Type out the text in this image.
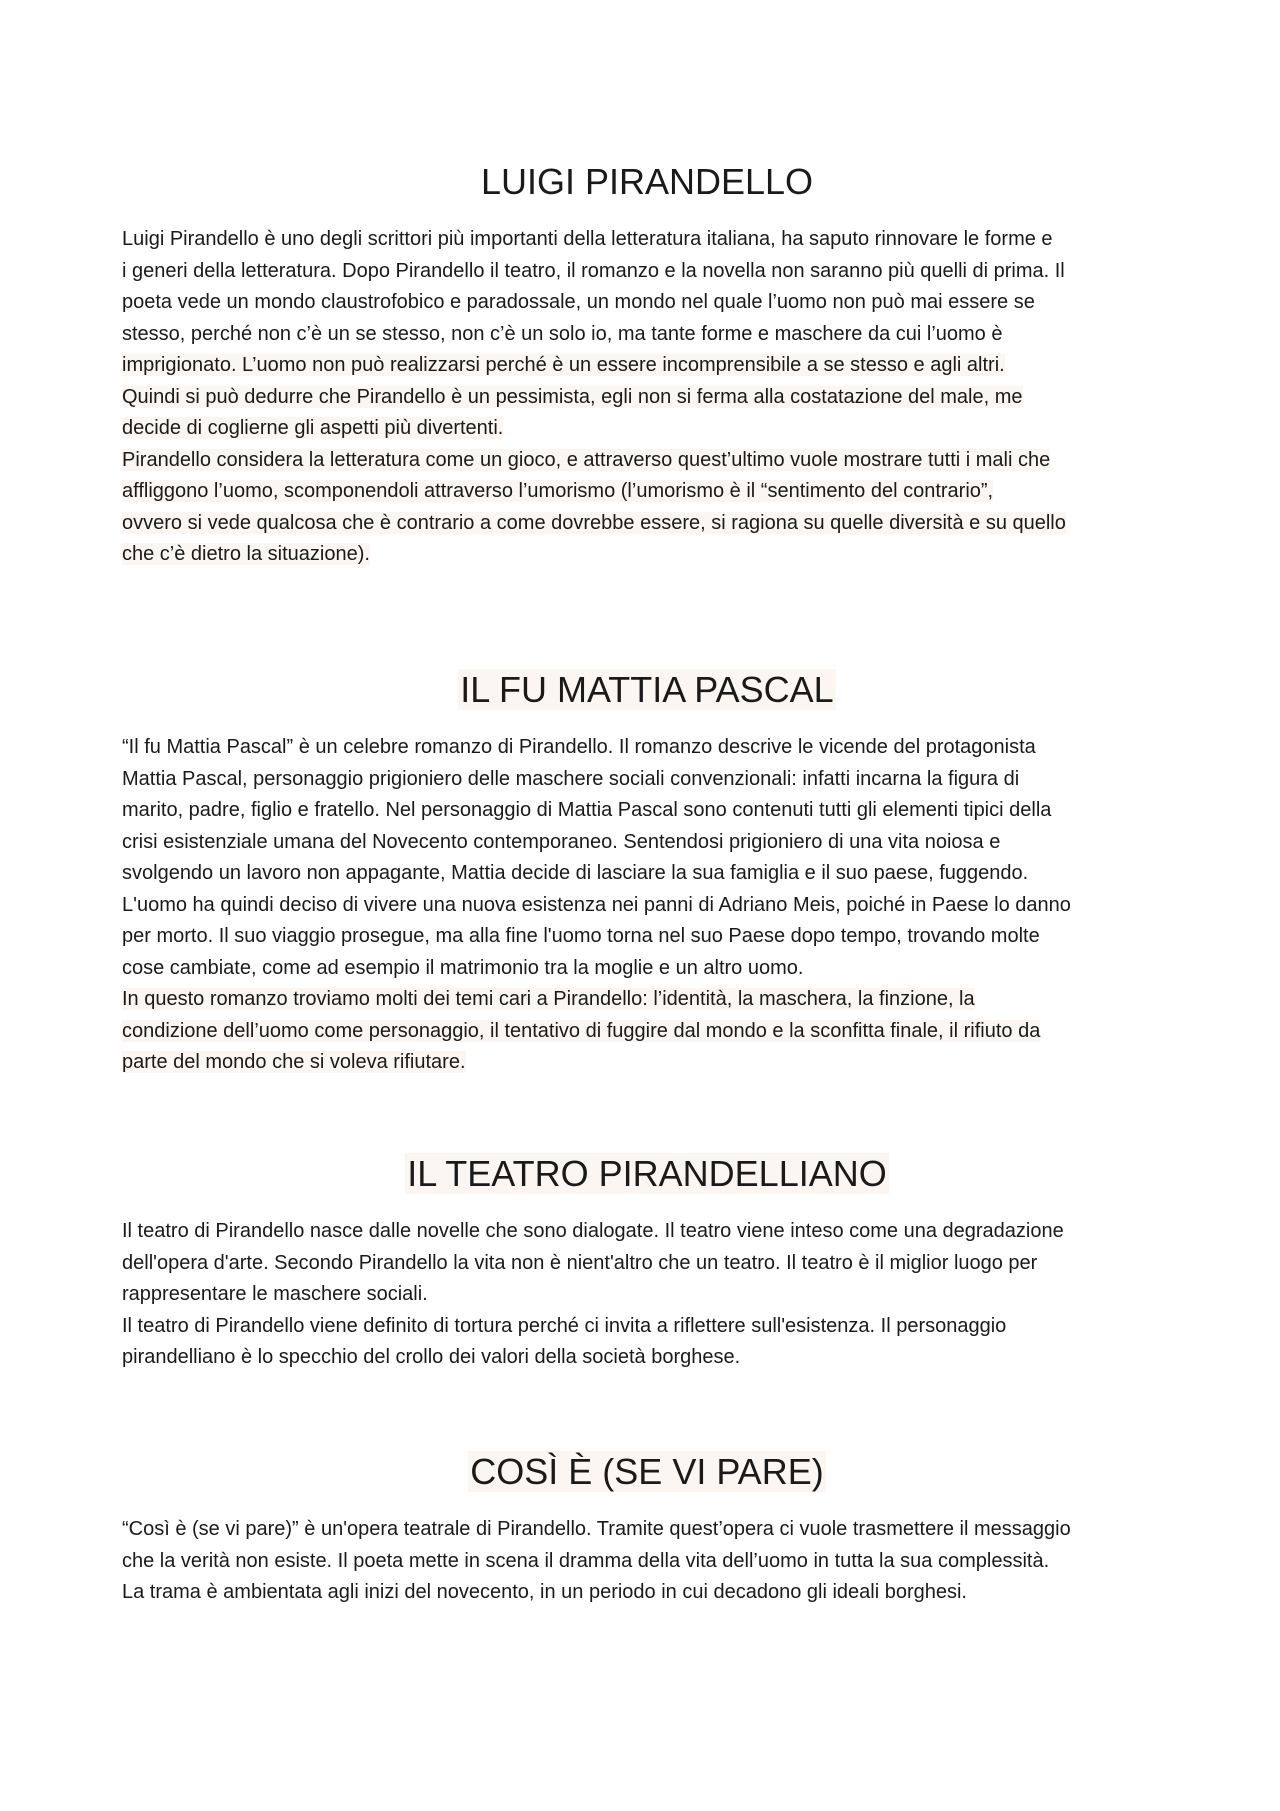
LUIGI PIRANDELLO
Luigi Pirandello è uno degli scrittori più importanti della letteratura italiana, ha saputo rinnovare le forme e
i generi della letteratura. Dopo Pirandello il teatro, il romanzo e la novella non saranno più quelli di prima. Il
poeta vede un mondo claustrofobico e paradossale, un mondo nel quale l’uomo non può mai essere se
stesso, perché non c’è un se stesso, non c’è un solo io, ma tante forme e maschere da cui l’uomo è
imprigionato. L’uomo non può realizzarsi perché è un essere incomprensibile a se stesso e agli altri.
Quindi si può dedurre che Pirandello è un pessimista, egli non si ferma alla costatazione del male, me
decide di coglierne gli aspetti più divertenti.
Pirandello considera la letteratura come un gioco, e attraverso quest’ultimo vuole mostrare tutti i mali che
affliggono l’uomo, scomponendoli attraverso l’umorismo (l’umorismo è il “sentimento del contrario”,
ovvero si vede qualcosa che è contrario a come dovrebbe essere, si ragiona su quelle diversità e su quello
che c’è dietro la situazione).
IL FU MATTIA PASCAL
“Il fu Mattia Pascal” è un celebre romanzo di Pirandello. Il romanzo descrive le vicende del protagonista
Mattia Pascal, personaggio prigioniero delle maschere sociali convenzionali: infatti incarna la figura di
marito, padre, figlio e fratello. Nel personaggio di Mattia Pascal sono contenuti tutti gli elementi tipici della
crisi esistenziale umana del Novecento contemporaneo. Sentendosi prigioniero di una vita noiosa e
svolgendo un lavoro non appagante, Mattia decide di lasciare la sua famiglia e il suo paese, fuggendo.
L'uomo ha quindi deciso di vivere una nuova esistenza nei panni di Adriano Meis, poiché in Paese lo danno
per morto. Il suo viaggio prosegue, ma alla fine l'uomo torna nel suo Paese dopo tempo, trovando molte
cose cambiate, come ad esempio il matrimonio tra la moglie e un altro uomo.
In questo romanzo troviamo molti dei temi cari a Pirandello: l’identità, la maschera, la finzione, la
condizione dell’uomo come personaggio, il tentativo di fuggire dal mondo e la sconfitta finale, il rifiuto da
parte del mondo che si voleva rifiutare.
IL TEATRO PIRANDELLIANO
Il teatro di Pirandello nasce dalle novelle che sono dialogate. Il teatro viene inteso come una degradazione
dell'opera d'arte. Secondo Pirandello la vita non è nient'altro che un teatro. Il teatro è il miglior luogo per
rappresentare le maschere sociali.
Il teatro di Pirandello viene definito di tortura perché ci invita a riflettere sull'esistenza. Il personaggio
pirandelliano è lo specchio del crollo dei valori della società borghese.
COSÌ È (SE VI PARE)
“Così è (se vi pare)” è un'opera teatrale di Pirandello. Tramite quest’opera ci vuole trasmettere il messaggio
che la verità non esiste. Il poeta mette in scena il dramma della vita dell’uomo in tutta la sua complessità.
La trama è ambientata agli inizi del novecento, in un periodo in cui decadono gli ideali borghesi.
